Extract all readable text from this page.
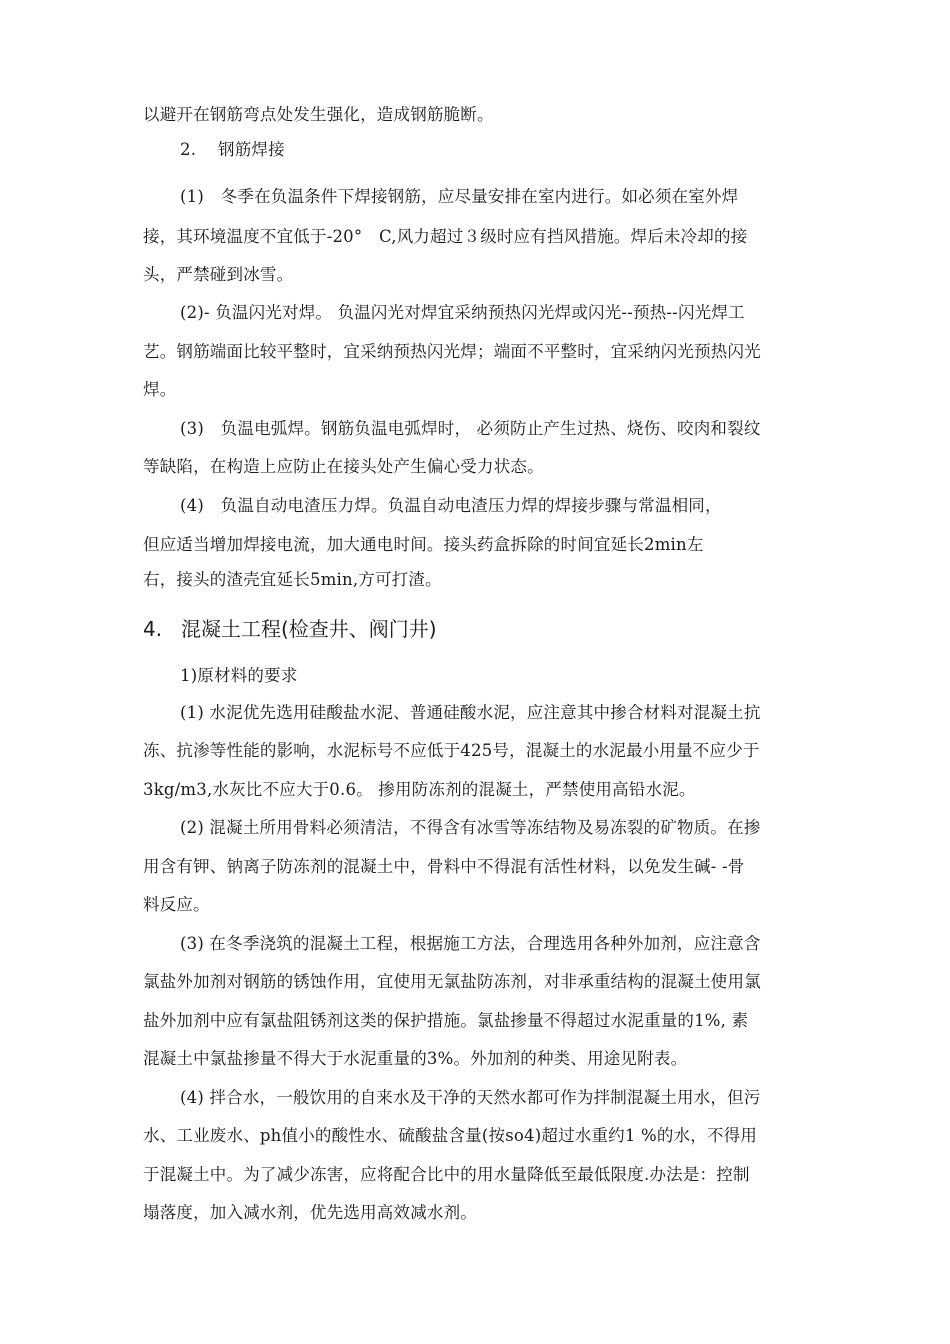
以避开在钢筋弯点处发生强化，造成钢筋脆断。
2. 钢筋焊接
(1)　冬季在负温条件下焊接钢筋，应尽量安排在室内进行。如必须在室外焊
接，其环境温度不宜低于-20°　C,风力超过３级时应有挡风措施。焊后未冷却的接
头，严禁碰到冰雪。
(2)- 负温闪光对焊。 负温闪光对焊宜采纳预热闪光焊或闪光--预热--闪光焊工
艺。钢筋端面比较平整时，宜采纳预热闪光焊；端面不平整时，宜采纳闪光预热闪光
焊。
(3)　负温电弧焊。钢筋负温电弧焊时， 必须防止产生过热、烧伤、咬肉和裂纹
等缺陷，在构造上应防止在接头处产生偏心受力状态。
(4)　负温自动电渣压力焊。负温自动电渣压力焊的焊接步骤与常温相同，
但应适当增加焊接电流，加大通电时间。接头药盒拆除的时间宜延长2min左
右，接头的渣壳宜延长5min,方可打渣。
4. 混凝土工程(检查井、阀门井)
1)原材料的要求
(1) 水泥优先选用硅酸盐水泥、普通硅酸水泥，应注意其中掺合材料对混凝土抗
冻、抗渗等性能的影响，水泥标号不应低于425号，混凝土的水泥最小用量不应少于
3kg/m3,水灰比不应大于0.6。 掺用防冻剂的混凝土，严禁使用高铅水泥。
(2) 混凝土所用骨料必须清洁，不得含有冰雪等冻结物及易冻裂的矿物质。在掺
用含有钾、钠离子防冻剂的混凝土中，骨料中不得混有活性材料，以免发生碱- -骨
料反应。
(3) 在冬季浇筑的混凝土工程，根据施工方法，合理选用各种外加剂，应注意含
氯盐外加剂对钢筋的锈蚀作用，宜使用无氯盐防冻剂，对非承重结构的混凝土使用氯
盐外加剂中应有氯盐阻锈剂这类的保护措施。氯盐掺量不得超过水泥重量的1%, 素
混凝土中氯盐掺量不得大于水泥重量的3%。外加剂的种类、用途见附表。
(4) 拌合水，一般饮用的自来水及干净的天然水都可作为拌制混凝土用水，但污
水、工业废水、ph值小的酸性水、硫酸盐含量(按so4)超过水重约1 %的水，不得用
于混凝土中。为了减少冻害，应将配合比中的用水量降低至最低限度.办法是：控制
塌落度，加入减水剂，优先选用高效减水剂。
